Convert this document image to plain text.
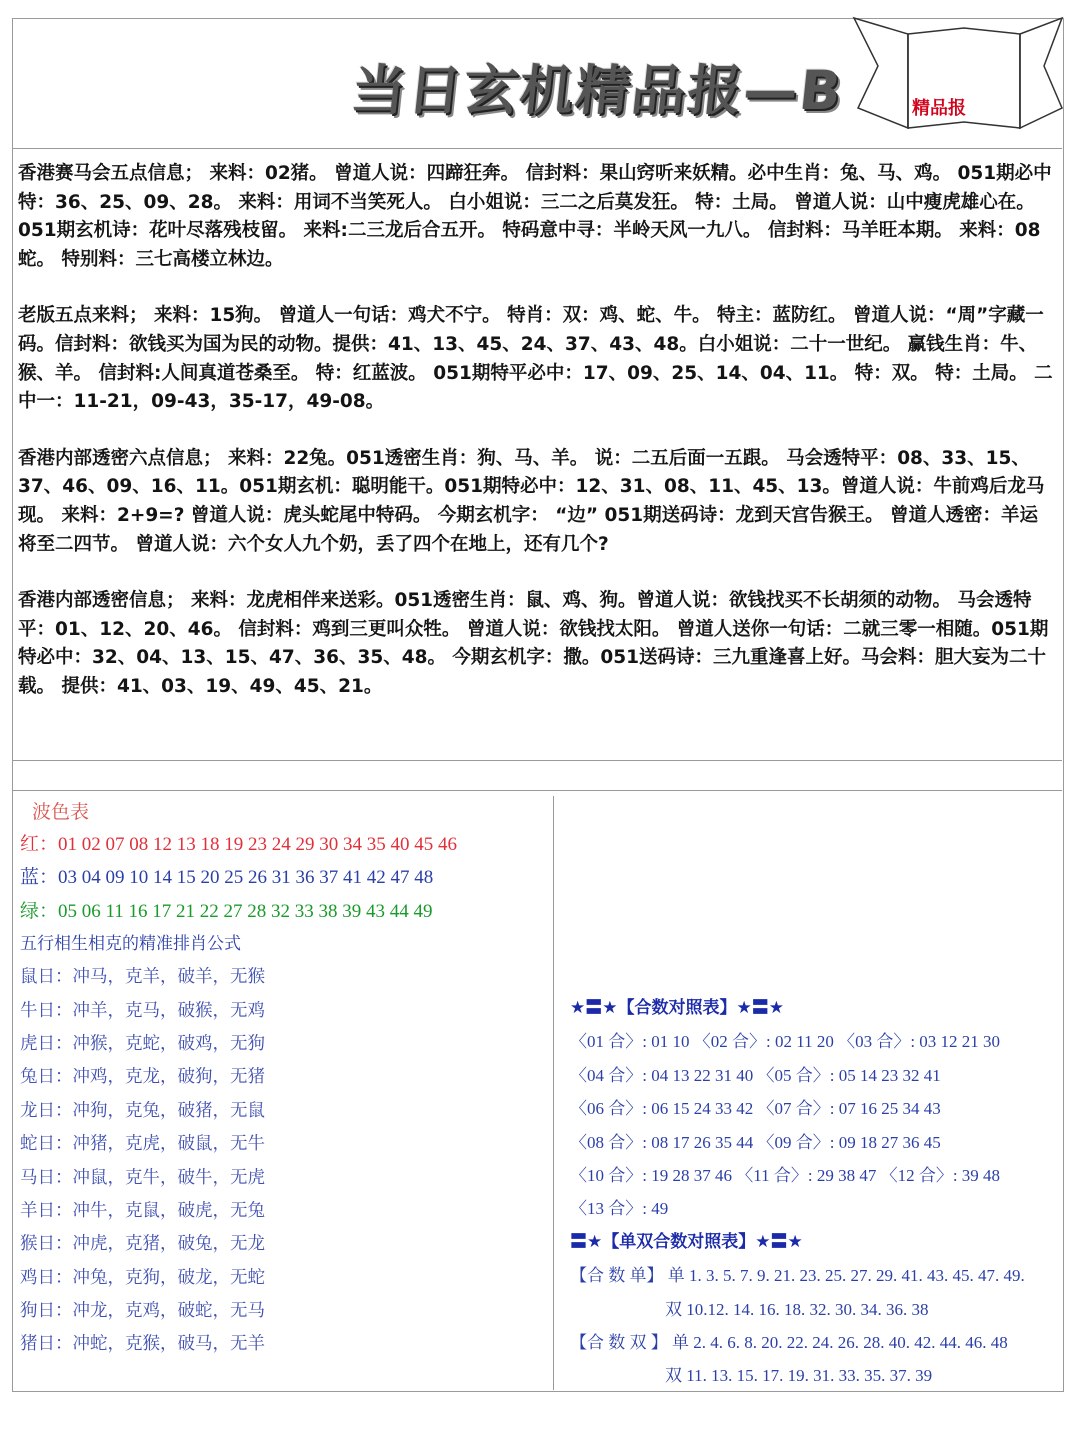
当日玄机精品报—B	精品报

香港赛马会五点信息； 来料：02猪。 曾道人说：四蹄狂奔。 信封料：果山窍听来妖精。必中生肖：兔、马、鸡。 051期必中特：36、25、09、28。 来料：用词不当笑死人。 白小姐说：三二之后莫发狂。 特：土局。 曾道人说：山中瘦虎雄心在。051期玄机诗：花叶尽落残枝留。 来料:二三龙后合五开。 特码意中寻：半岭天风一九八。 信封料：马羊旺本期。 来料：08蛇。 特别料：三七高楼立林边。

老版五点来料； 来料：15狗。 曾道人一句话：鸡犬不宁。 特肖：双：鸡、蛇、牛。 特主：蓝防红。 曾道人说：“周”字藏一码。信封料：欲钱买为国为民的动物。提供：41、13、45、24、37、43、48。白小姐说：二十一世纪。 赢钱生肖：牛、猴、羊。 信封料:人间真道苍桑至。 特：红蓝波。 051期特平必中：17、09、25、14、04、11。 特：双。 特：土局。 二中一：11-21，09-43，35-17，49-08。

香港内部透密六点信息； 来料：22兔。051透密生肖：狗、马、羊。 说：二五后面一五跟。 马会透特平：08、33、15、37、46、09、16、11。051期玄机：聪明能干。051期特必中：12、31、08、11、45、13。曾道人说：牛前鸡后龙马现。 来料：2+9=? 曾道人说：虎头蛇尾中特码。 今期玄机字： “边” 051期送码诗：龙到天宫告猴王。 曾道人透密：羊运将至二四节。 曾道人说：六个女人九个奶，丢了四个在地上，还有几个?

香港内部透密信息； 来料：龙虎相伴来送彩。051透密生肖：鼠、鸡、狗。曾道人说：欲钱找买不长胡须的动物。 马会透特平：01、12、20、46。 信封料：鸡到三更叫众牲。 曾道人说：欲钱找太阳。 曾道人送你一句话：二就三零一相随。051期特必中：32、04、13、15、47、36、35、48。 今期玄机字：撒。051送码诗：三九重逢喜上好。马会料：胆大妄为二十载。 提供：41、03、19、49、45、21。

波色表
红：01 02 07 08 12 13 18 19 23 24 29 30 34 35 40 45 46
蓝：03 04 09 10 14 15 20 25 26 31 36 37 41 42 47 48
绿：05 06 11 16 17 21 22 27 28 32 33 38 39 43 44 49
五行相生相克的精准排肖公式
鼠日：冲马，克羊，破羊，无猴
牛日：冲羊，克马，破猴，无鸡
虎日：冲猴，克蛇，破鸡，无狗
兔日：冲鸡，克龙，破狗，无猪
龙日：冲狗，克兔，破猪，无鼠
蛇日：冲猪，克虎，破鼠，无牛
马日：冲鼠，克牛，破牛，无虎
羊日：冲牛，克鼠，破虎，无兔
猴日：冲虎，克猪，破兔，无龙
鸡日：冲兔，克狗，破龙，无蛇
狗日：冲龙，克鸡，破蛇，无马
猪日：冲蛇，克猴，破马，无羊
★〓★【合数对照表】★〓★
〈01 合〉: 01 10 〈02 合〉: 02 11 20 〈03 合〉: 03 12 21 30
〈04 合〉: 04 13 22 31 40 〈05 合〉: 05 14 23 32 41
〈06 合〉: 06 15 24 33 42 〈07 合〉: 07 16 25 34 43
〈08 合〉: 08 17 26 35 44 〈09 合〉: 09 18 27 36 45
〈10 合〉: 19 28 37 46 〈11 合〉: 29 38 47 〈12 合〉: 39 48
〈13 合〉: 49
〓★【单双合数对照表】★〓★
【合 数 单】 单 1. 3. 5. 7. 9. 21. 23. 25. 27. 29. 41. 43. 45. 47. 49.
双 10.12. 14. 16. 18. 32. 30. 34. 36. 38
【合 数 双 】 单 2. 4. 6. 8. 20. 22. 24. 26. 28. 40. 42. 44. 46. 48
双 11. 13. 15. 17. 19. 31. 33. 35. 37. 39
